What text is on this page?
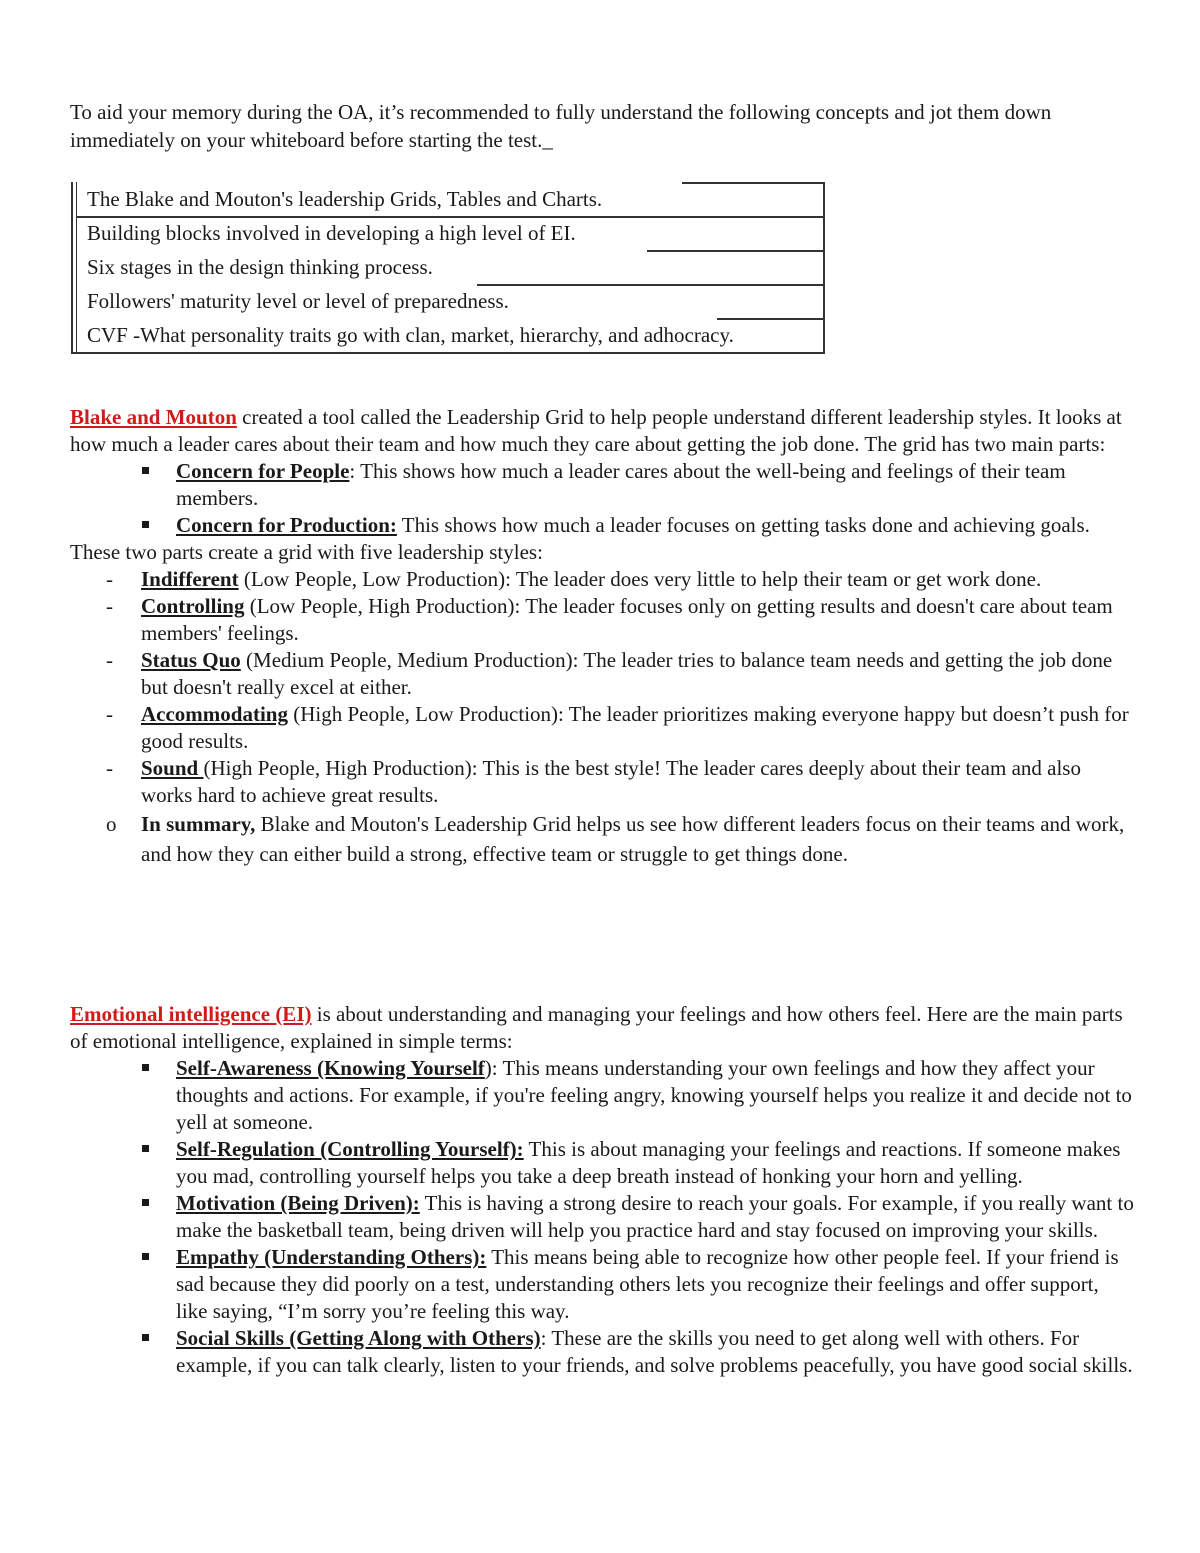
To aid your memory during the OA, it’s recommended to fully understand the following concepts and jot them down immediately on your whiteboard before starting the test._
The Blake and Mouton's leadership Grids, Tables and Charts.
Building blocks involved in developing a high level of EI.
Six stages in the design thinking process.
Followers' maturity level or level of preparedness.
CVF -What personality traits go with clan, market, hierarchy, and adhocracy.
Blake and Mouton created a tool called the Leadership Grid to help people understand different leadership styles. It looks at how much a leader cares about their team and how much they care about getting the job done. The grid has two main parts:
Concern for People: This shows how much a leader cares about the well-being and feelings of their team members.
Concern for Production: This shows how much a leader focuses on getting tasks done and achieving goals.
These two parts create a grid with five leadership styles:
- Indifferent (Low People, Low Production): The leader does very little to help their team or get work done.
- Controlling (Low People, High Production): The leader focuses only on getting results and doesn't care about team members' feelings.
- Status Quo (Medium People, Medium Production): The leader tries to balance team needs and getting the job done but doesn't really excel at either.
- Accommodating (High People, Low Production): The leader prioritizes making everyone happy but doesn’t push for good results.
- Sound (High People, High Production): This is the best style! The leader cares deeply about their team and also works hard to achieve great results.
o In summary, Blake and Mouton's Leadership Grid helps us see how different leaders focus on their teams and work, and how they can either build a strong, effective team or struggle to get things done.
Emotional intelligence (EI) is about understanding and managing your feelings and how others feel. Here are the main parts of emotional intelligence, explained in simple terms:
Self-Awareness (Knowing Yourself): This means understanding your own feelings and how they affect your thoughts and actions. For example, if you're feeling angry, knowing yourself helps you realize it and decide not to yell at someone.
Self-Regulation (Controlling Yourself): This is about managing your feelings and reactions. If someone makes you mad, controlling yourself helps you take a deep breath instead of honking your horn and yelling.
Motivation (Being Driven): This is having a strong desire to reach your goals. For example, if you really want to make the basketball team, being driven will help you practice hard and stay focused on improving your skills.
Empathy (Understanding Others): This means being able to recognize how other people feel. If your friend is sad because they did poorly on a test, understanding others lets you recognize their feelings and offer support, like saying, “I’m sorry you’re feeling this way.
Social Skills (Getting Along with Others): These are the skills you need to get along well with others. For example, if you can talk clearly, listen to your friends, and solve problems peacefully, you have good social skills.
